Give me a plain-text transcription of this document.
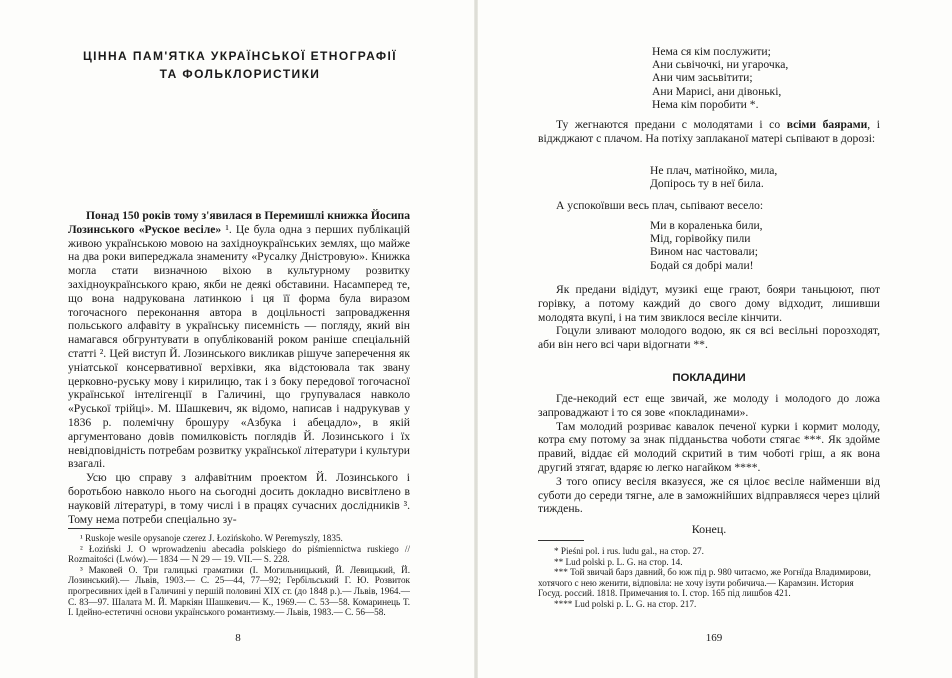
ЦІННА ПАМ'ЯТКА УКРАЇНСЬКОЇ ЕТНОГРАФІЇ
ТА ФОЛЬКЛОРИСТИКИ

Понад 150 років тому з'явилася в Перемишлі книжка Йосипа Лозинського «Руское весіле» ¹. Це була одна з перших публікацій живою українською мовою на західноукраїнських землях, що майже на два роки випереджала знамениту «Русалку Дністровую». Книжка могла стати визначною віхою в культурному розвитку західноукраїнського краю, якби не деякі обставини. Насамперед те, що вона надрукована латинкою і ця її форма була виразом тогочасного переконання автора в доцільності запровадження польського алфавіту в українську писемність — погляду, який він намагався обгрунтувати в опублікованій роком раніше спеціальній статті ². Цей виступ Й. Лозинського викликав рішуче заперечення як уніатської консервативної верхівки, яка відстоювала так звану церковно-руську мову і кирилицю, так і з боку передової тогочасної української інтелігенції в Галичині, що групувалася навколо «Руської трійці». М. Шашкевич, як відомо, написав і надрукував у 1836 р. полемічну брошуру «Азбука і абецадло», в якій аргументовано довів помилковість поглядів Й. Лозинського і їх невідповідність потребам розвитку української літератури і культури взагалі.

Усю цю справу з алфавітним проектом Й. Лозинського і боротьбою навколо нього на сьогодні досить докладно висвітлено в науковій літературі, в тому числі і в працях сучасних дослідників ³. Тому нема потреби спеціально зу-

¹ Ruskoje wesile opysanoje czerez J. Łozińskoho. W Peremyszly, 1835.
² Łoziński J. O wprowadzeniu abecadła polskiego do piśmiennictwa ruskiego // Rozmaitości (Lwów).— 1834 — N 29 — 19. VII.— S. 228.
³ Маковей О. Три галицькі граматики (І. Могильницький, Й. Левицький, Й. Лозинський).— Львів, 1903.— С. 25—44, 77—92; Гербільський Г. Ю. Розвиток прогресивних ідей в Галичині у першій половині XIX ст. (до 1848 р.).— Львів, 1964.— С. 83—97. Шалата М. Й. Маркіян Шашкевич.— К., 1969.— С. 53—58. Комаринець Т. І. Ідейно-естетичні основи українського романтизму.— Львів, 1983.— С. 56—58.
8
Нема ся кім послужити;
Ани сьвічочкі, ни угарочка,
Ани чим засьвітити;
Ани Марисі, ани дівонькі,
Нема кім поробити *.

Ту жегнаются предани с молодятами і со всіми баярами, і віджджают с плачом. На потіху заплаканої матері сьпівают в дорозі:

Не плач, матінойко, мила,
Допірось ту в неї била.

А успокоївши весь плач, сьпівают весело:

Ми в кораленька били,
Мід, горівойку пили
Вином нас частовали;
Бодай ся добрі мали!

Як предани відідут, музикі еще грают, бояри таньцюют, пют горівку, а потому каждий до свого дому відходит, лишивши молодята вкупі, і на тим звиклося весіле кінчити.

Гоцули зливают молодого водою, як ся всі весільні порозходят, аби він него всі чари відогнати **.

ПОКЛАДИНИ

Где-некодий ест еще звичай, же молоду і молодого до ложа запроваджают і то ся зове «покладинами».

Там молодий розриває кавалок печеної курки і кормит молоду, котра єму потому за знак підданьства чоботи стягає ***. Як здойме правий, віддає єй молодий скритий в тим чоботі гріш, а як вона другий зтягат, вдаряє ю легко нагайком ****.

З того опису весіля вказуєся, же ся цілоє весіле найменши від суботи до середи тягне, але в заможнійших відправляєся через цілий тиждень.

Конец.
* Pieśni pol. i rus. ludu gal., на стор. 27.
** Lud polski p. L. G. на стор. 14.
*** Той звичай барз давний, бо юж під р. 980 читаємо, же Рогнїда Владимирови, хотячого с нею женити, відповіла: не хочу ізути робичича.— Карамзин. История Госуд. россий. 1818. Примечания to. I. стор. 165 під лишбов 421.
**** Lud polski p. L. G. на стор. 217.
169
